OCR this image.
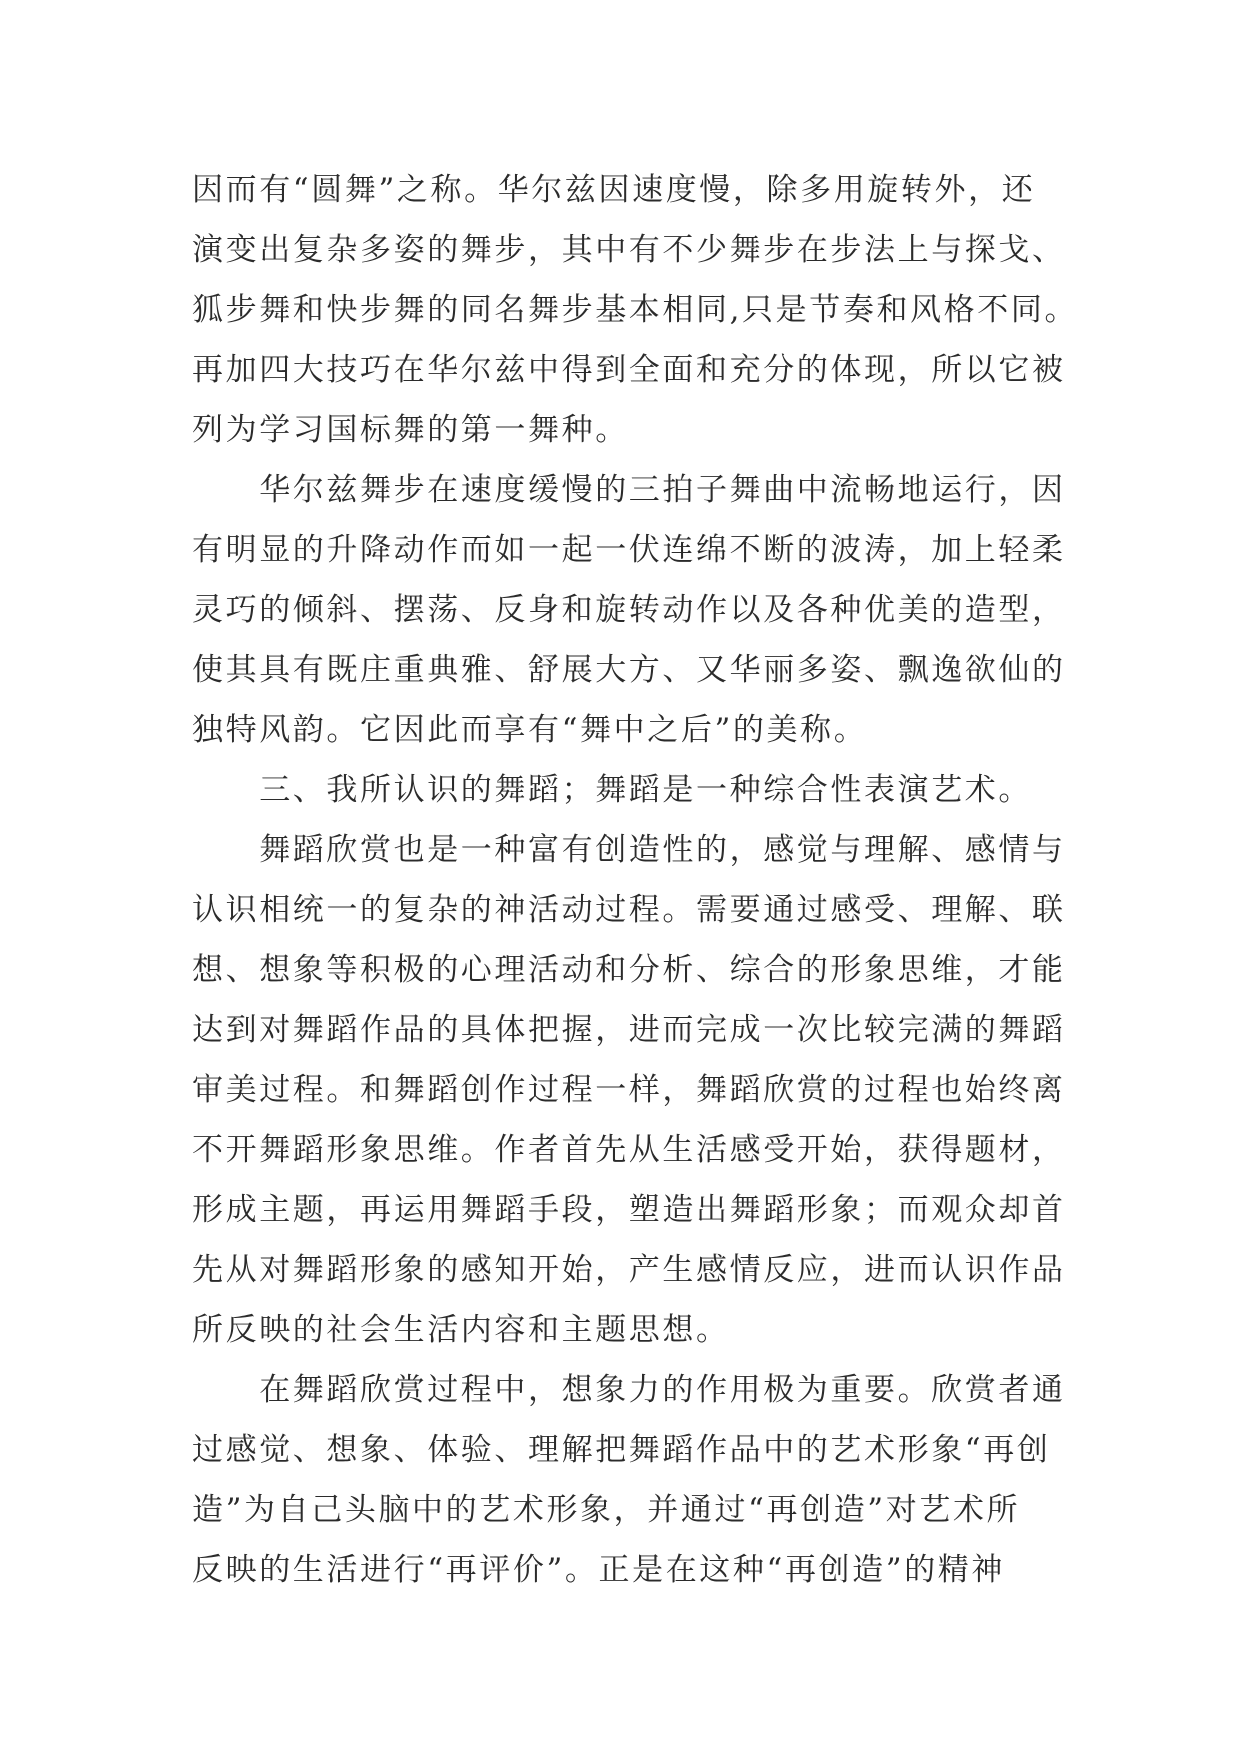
因而有“圆舞”之称。华尔兹因速度慢，除多用旋转外，还
演变出复杂多姿的舞步，其中有不少舞步在步法上与探戈、
狐步舞和快步舞的同名舞步基本相同,只是节奏和风格不同。
再加四大技巧在华尔兹中得到全面和充分的体现，所以它被
列为学习国标舞的第一舞种。
　　华尔兹舞步在速度缓慢的三拍子舞曲中流畅地运行，因
有明显的升降动作而如一起一伏连绵不断的波涛，加上轻柔
灵巧的倾斜、摆荡、反身和旋转动作以及各种优美的造型，
使其具有既庄重典雅、舒展大方、又华丽多姿、飘逸欲仙的
独特风韵。它因此而享有“舞中之后”的美称。
　　三、我所认识的舞蹈；舞蹈是一种综合性表演艺术。
　　舞蹈欣赏也是一种富有创造性的，感觉与理解、感情与
认识相统一的复杂的神活动过程。需要通过感受、理解、联
想、想象等积极的心理活动和分析、综合的形象思维，才能
达到对舞蹈作品的具体把握，进而完成一次比较完满的舞蹈
审美过程。和舞蹈创作过程一样，舞蹈欣赏的过程也始终离
不开舞蹈形象思维。作者首先从生活感受开始，获得题材，
形成主题，再运用舞蹈手段，塑造出舞蹈形象；而观众却首
先从对舞蹈形象的感知开始，产生感情反应，进而认识作品
所反映的社会生活内容和主题思想。
　　在舞蹈欣赏过程中，想象力的作用极为重要。欣赏者通
过感觉、想象、体验、理解把舞蹈作品中的艺术形象“再创
造”为自己头脑中的艺术形象，并通过“再创造”对艺术所
反映的生活进行“再评价”。正是在这种“再创造”的精神
